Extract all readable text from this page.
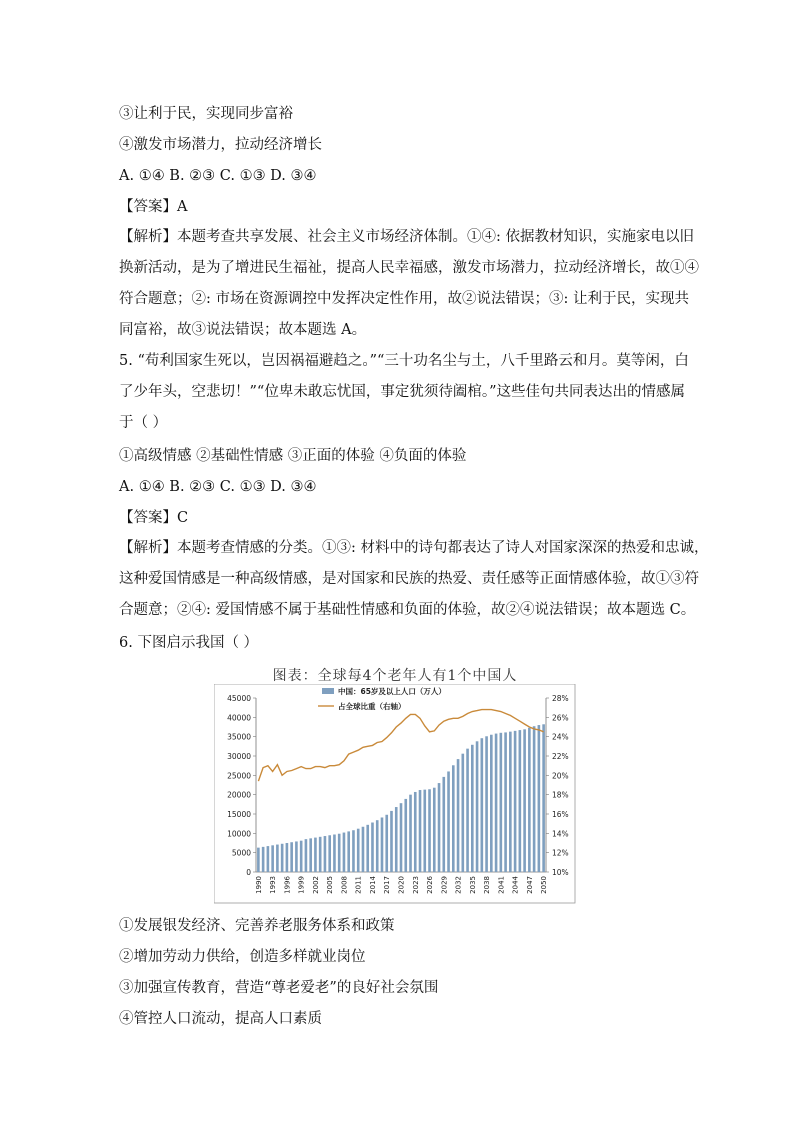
③让利于民，实现同步富裕
④激发市场潜力，拉动经济增长
A. ①④ B. ②③ C. ①③ D. ③④
【答案】A
【解析】本题考查共享发展、社会主义市场经济体制。①④: 依据教材知识，实施家电以旧
换新活动，是为了增进民生福祉，提高人民幸福感，激发市场潜力，拉动经济增长，故①④
符合题意；②: 市场在资源调控中发挥决定性作用，故②说法错误；③: 让利于民，实现共
同富裕，故③说法错误；故本题选 A。
5. “苟利国家生死以，岂因祸福避趋之。”“三十功名尘与土，八千里路云和月。莫等闲，白
了少年头，空悲切！”“位卑未敢忘忧国，事定犹须待阖棺。”这些佳句共同表达出的情感属
于（ ）
①高级情感 ②基础性情感 ③正面的体验 ④负面的体验
A. ①④ B. ②③ C. ①③ D. ③④
【答案】C
【解析】本题考查情感的分类。①③: 材料中的诗句都表达了诗人对国家深深的热爱和忠诚，
这种爱国情感是一种高级情感，是对国家和民族的热爱、责任感等正面情感体验，故①③符
合题意；②④: 爱国情感不属于基础性情感和负面的体验，故②④说法错误；故本题选 C。
6. 下图启示我国（ ）
图表：全球每4个老年人有1个中国人
0
5000
10000
15000
20000
25000
30000
35000
40000
45000
10%
12%
14%
16%
18%
20%
22%
24%
26%
28%
1990 1993 1996 1999 2002 2005 2008 2011 2014 2017 2020 2023 2026 2029 2032 2035 2038 2041 2044 2047 2050
中国：65岁及以上人口（万人）
占全球比重（右轴）
①发展银发经济、完善养老服务体系和政策
②增加劳动力供给，创造多样就业岗位
③加强宣传教育，营造“尊老爱老”的良好社会氛围
④管控人口流动，提高人口素质
